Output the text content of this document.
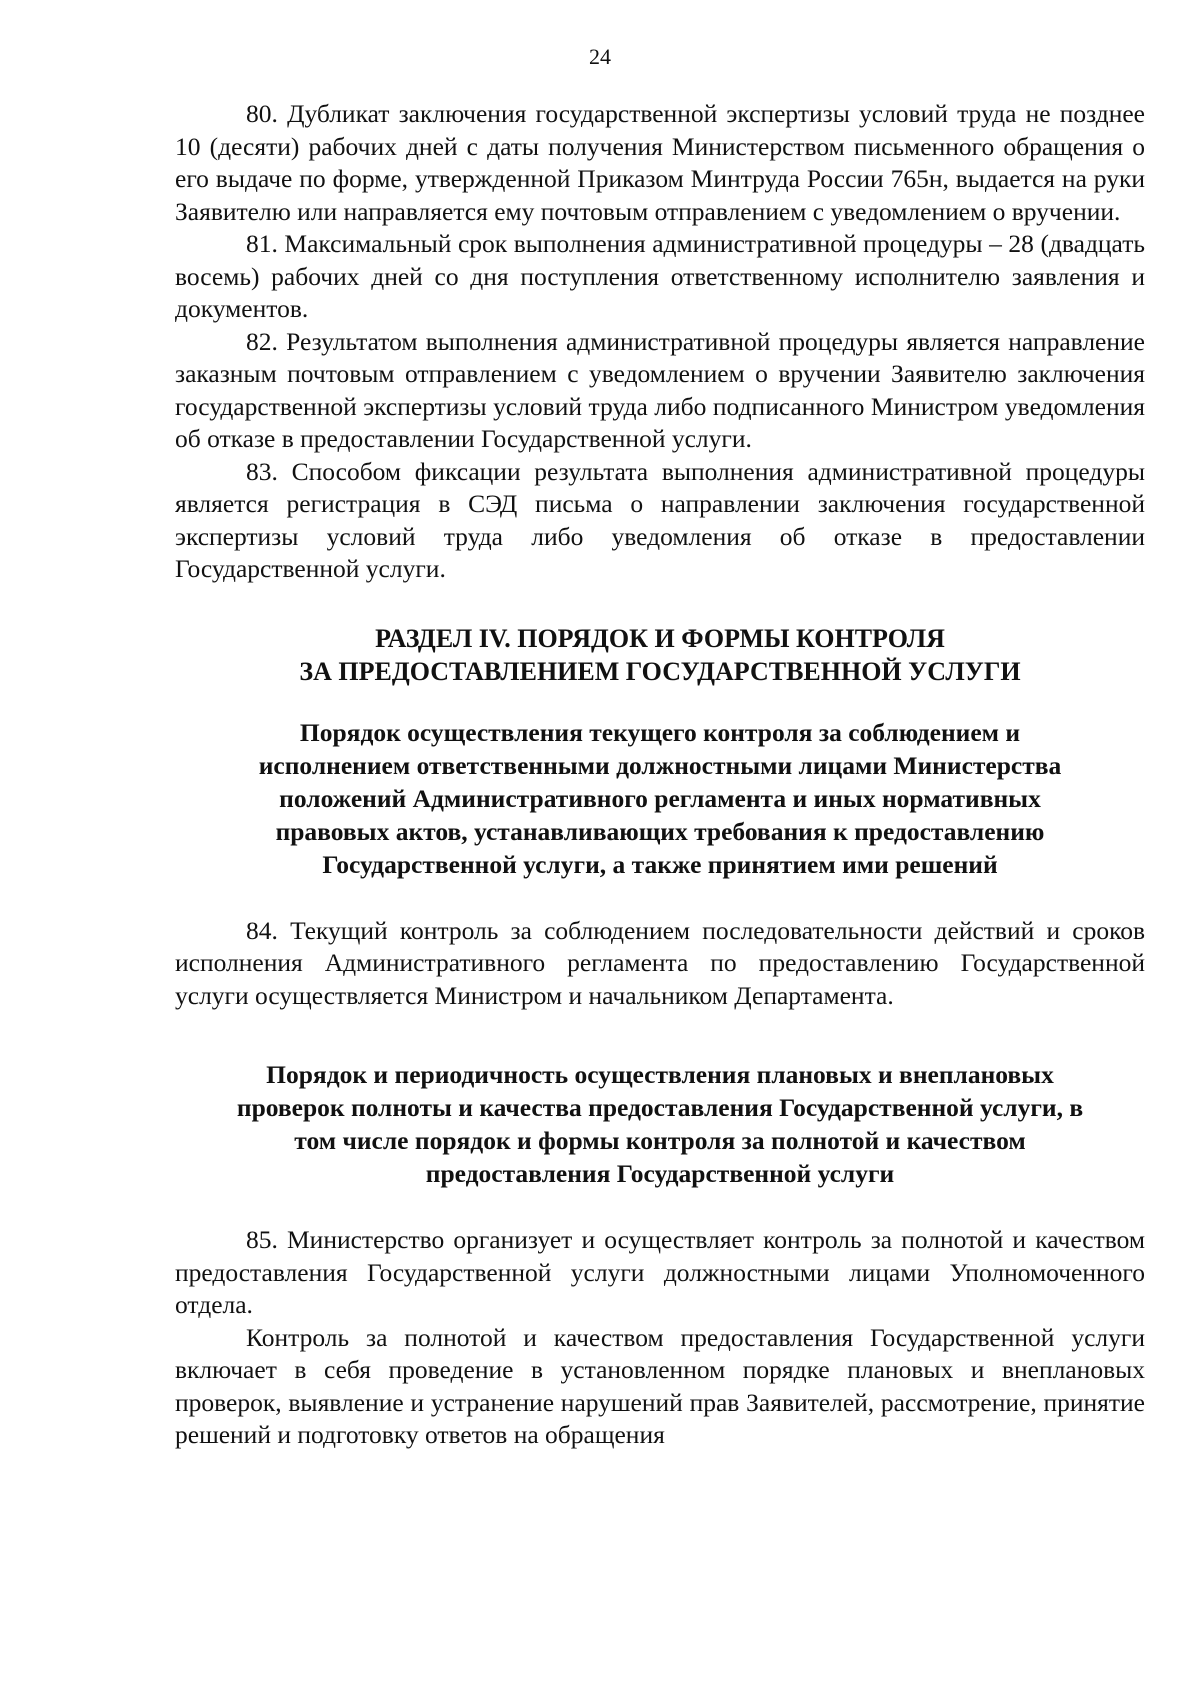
24

80. Дубликат заключения государственной экспертизы условий труда не позднее 10 (десяти) рабочих дней с даты получения Министерством письменного обращения о его выдаче по форме, утвержденной Приказом Минтруда России 765н, выдается на руки Заявителю или направляется ему почтовым отправлением с уведомлением о вручении.

81. Максимальный срок выполнения административной процедуры – 28 (двадцать восемь) рабочих дней со дня поступления ответственному исполнителю заявления и документов.

82. Результатом выполнения административной процедуры является направление заказным почтовым отправлением с уведомлением о вручении Заявителю заключения государственной экспертизы условий труда либо подписанного Министром уведомления об отказе в предоставлении Государственной услуги.

83. Способом фиксации результата выполнения административной процедуры является регистрация в СЭД письма о направлении заключения государственной экспертизы условий труда либо уведомления об отказе в предоставлении Государственной услуги.

РАЗДЕЛ IV. ПОРЯДОК И ФОРМЫ КОНТРОЛЯ
ЗА ПРЕДОСТАВЛЕНИЕМ ГОСУДАРСТВЕННОЙ УСЛУГИ
Порядок осуществления текущего контроля за соблюдением и
исполнением ответственными должностными лицами Министерства
положений Административного регламента и иных нормативных
правовых актов, устанавливающих требования к предоставлению
Государственной услуги, а также принятием ими решений

84. Текущий контроль за соблюдением последовательности действий и сроков исполнения Административного регламента по предоставлению Государственной услуги осуществляется Министром и начальником Департамента.

Порядок и периодичность осуществления плановых и внеплановых
проверок полноты и качества предоставления Государственной услуги, в
том числе порядок и формы контроля за полнотой и качеством
предоставления Государственной услуги

85. Министерство организует и осуществляет контроль за полнотой и качеством предоставления Государственной услуги должностными лицами Уполномоченного отдела.

Контроль за полнотой и качеством предоставления Государственной услуги включает в себя проведение в установленном порядке плановых и внеплановых проверок, выявление и устранение нарушений прав Заявителей, рассмотрение, принятие решений и подготовку ответов на обращения
